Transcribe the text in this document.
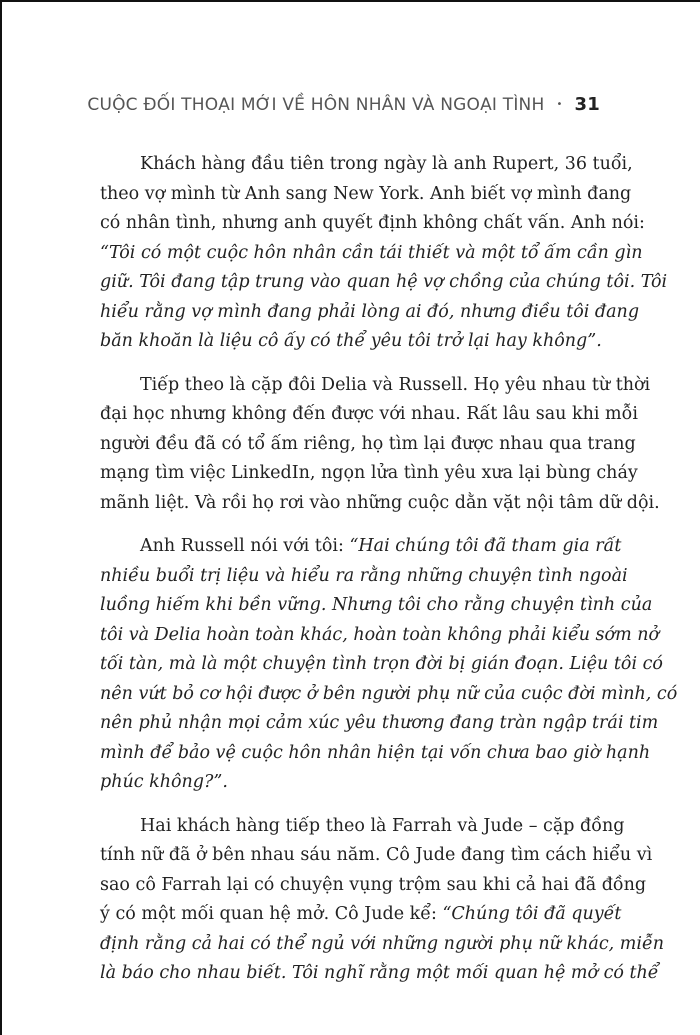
CUỘC ĐỐI THOẠI MỚI VỀ HÔN NHÂN VÀ NGOẠI TÌNH • 31
Khách hàng đầu tiên trong ngày là anh Rupert, 36 tuổi,
theo vợ mình từ Anh sang New York. Anh biết vợ mình đang
có nhân tình, nhưng anh quyết định không chất vấn. Anh nói:
“Tôi có một cuộc hôn nhân cần tái thiết và một tổ ấm cần gìn
giữ. Tôi đang tập trung vào quan hệ vợ chồng của chúng tôi. Tôi
hiểu rằng vợ mình đang phải lòng ai đó, nhưng điều tôi đang
băn khoăn là liệu cô ấy có thể yêu tôi trở lại hay không”.
Tiếp theo là cặp đôi Delia và Russell. Họ yêu nhau từ thời
đại học nhưng không đến được với nhau. Rất lâu sau khi mỗi
người đều đã có tổ ấm riêng, họ tìm lại được nhau qua trang
mạng tìm việc LinkedIn, ngọn lửa tình yêu xưa lại bùng cháy
mãnh liệt. Và rồi họ rơi vào những cuộc dằn vặt nội tâm dữ dội.
Anh Russell nói với tôi: “Hai chúng tôi đã tham gia rất
nhiều buổi trị liệu và hiểu ra rằng những chuyện tình ngoài
luồng hiếm khi bền vững. Nhưng tôi cho rằng chuyện tình của
tôi và Delia hoàn toàn khác, hoàn toàn không phải kiểu sớm nở
tối tàn, mà là một chuyện tình trọn đời bị gián đoạn. Liệu tôi có
nên vứt bỏ cơ hội được ở bên người phụ nữ của cuộc đời mình, có
nên phủ nhận mọi cảm xúc yêu thương đang tràn ngập trái tim
mình để bảo vệ cuộc hôn nhân hiện tại vốn chưa bao giờ hạnh
phúc không?”.
Hai khách hàng tiếp theo là Farrah và Jude – cặp đồng
tính nữ đã ở bên nhau sáu năm. Cô Jude đang tìm cách hiểu vì
sao cô Farrah lại có chuyện vụng trộm sau khi cả hai đã đồng
ý có một mối quan hệ mở. Cô Jude kể: “Chúng tôi đã quyết
định rằng cả hai có thể ngủ với những người phụ nữ khác, miễn
là báo cho nhau biết. Tôi nghĩ rằng một mối quan hệ mở có thể
